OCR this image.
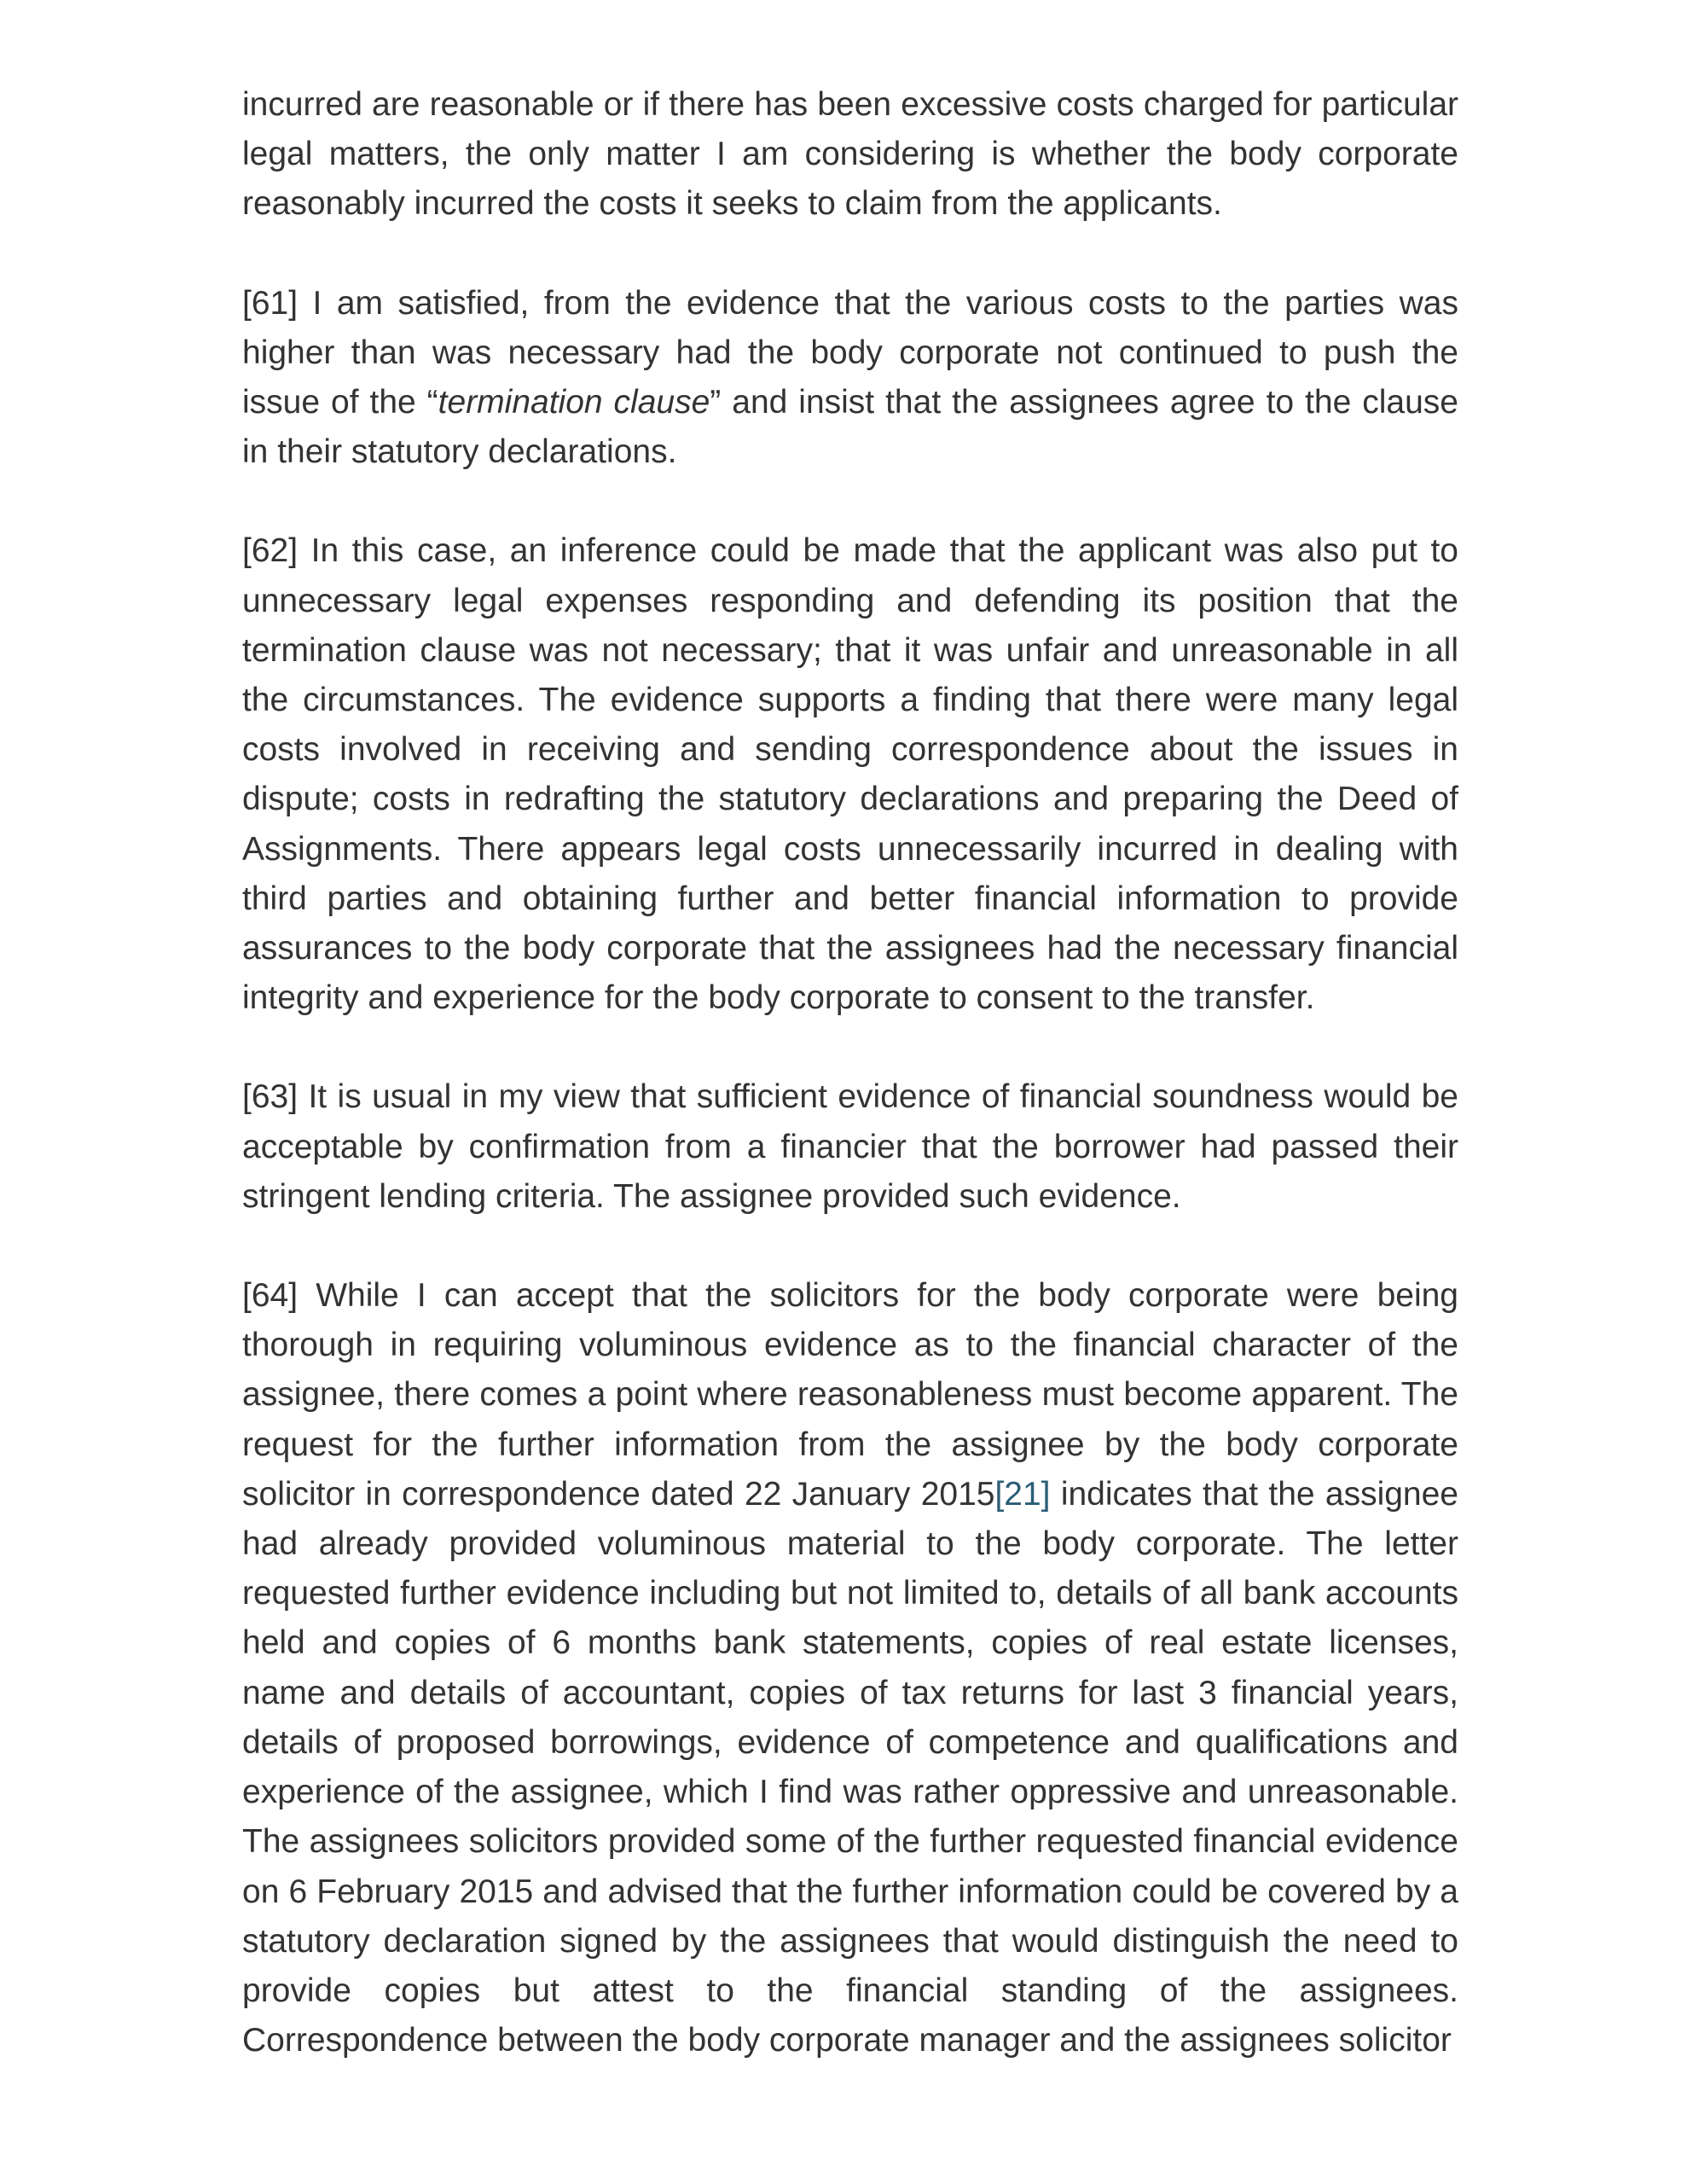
incurred are reasonable or if there has been excessive costs charged for particular legal matters, the only matter I am considering is whether the body corporate reasonably incurred the costs it seeks to claim from the applicants.

[61] I am satisfied, from the evidence that the various costs to the parties was higher than was necessary had the body corporate not continued to push the issue of the “termination clause” and insist that the assignees agree to the clause in their statutory declarations.

[62] In this case, an inference could be made that the applicant was also put to unnecessary legal expenses responding and defending its position that the termination clause was not necessary; that it was unfair and unreasonable in all the circumstances. The evidence supports a finding that there were many legal costs involved in receiving and sending correspondence about the issues in dispute; costs in redrafting the statutory declarations and preparing the Deed of Assignments. There appears legal costs unnecessarily incurred in dealing with third parties and obtaining further and better financial information to provide assurances to the body corporate that the assignees had the necessary financial integrity and experience for the body corporate to consent to the transfer.

[63] It is usual in my view that sufficient evidence of financial soundness would be acceptable by confirmation from a financier that the borrower had passed their stringent lending criteria. The assignee provided such evidence.

[64] While I can accept that the solicitors for the body corporate were being thorough in requiring voluminous evidence as to the financial character of the assignee, there comes a point where reasonableness must become apparent. The request for the further information from the assignee by the body corporate solicitor in correspondence dated 22 January 2015[21] indicates that the assignee had already provided voluminous material to the body corporate. The letter requested further evidence including but not limited to, details of all bank accounts held and copies of 6 months bank statements, copies of real estate licenses, name and details of accountant, copies of tax returns for last 3 financial years, details of proposed borrowings, evidence of competence and qualifications and experience of the assignee, which I find was rather oppressive and unreasonable. The assignees solicitors provided some of the further requested financial evidence on 6 February 2015 and advised that the further information could be covered by a statutory declaration signed by the assignees that would distinguish the need to provide copies but attest to the financial standing of the assignees. Correspondence between the body corporate manager and the assignees solicitor
